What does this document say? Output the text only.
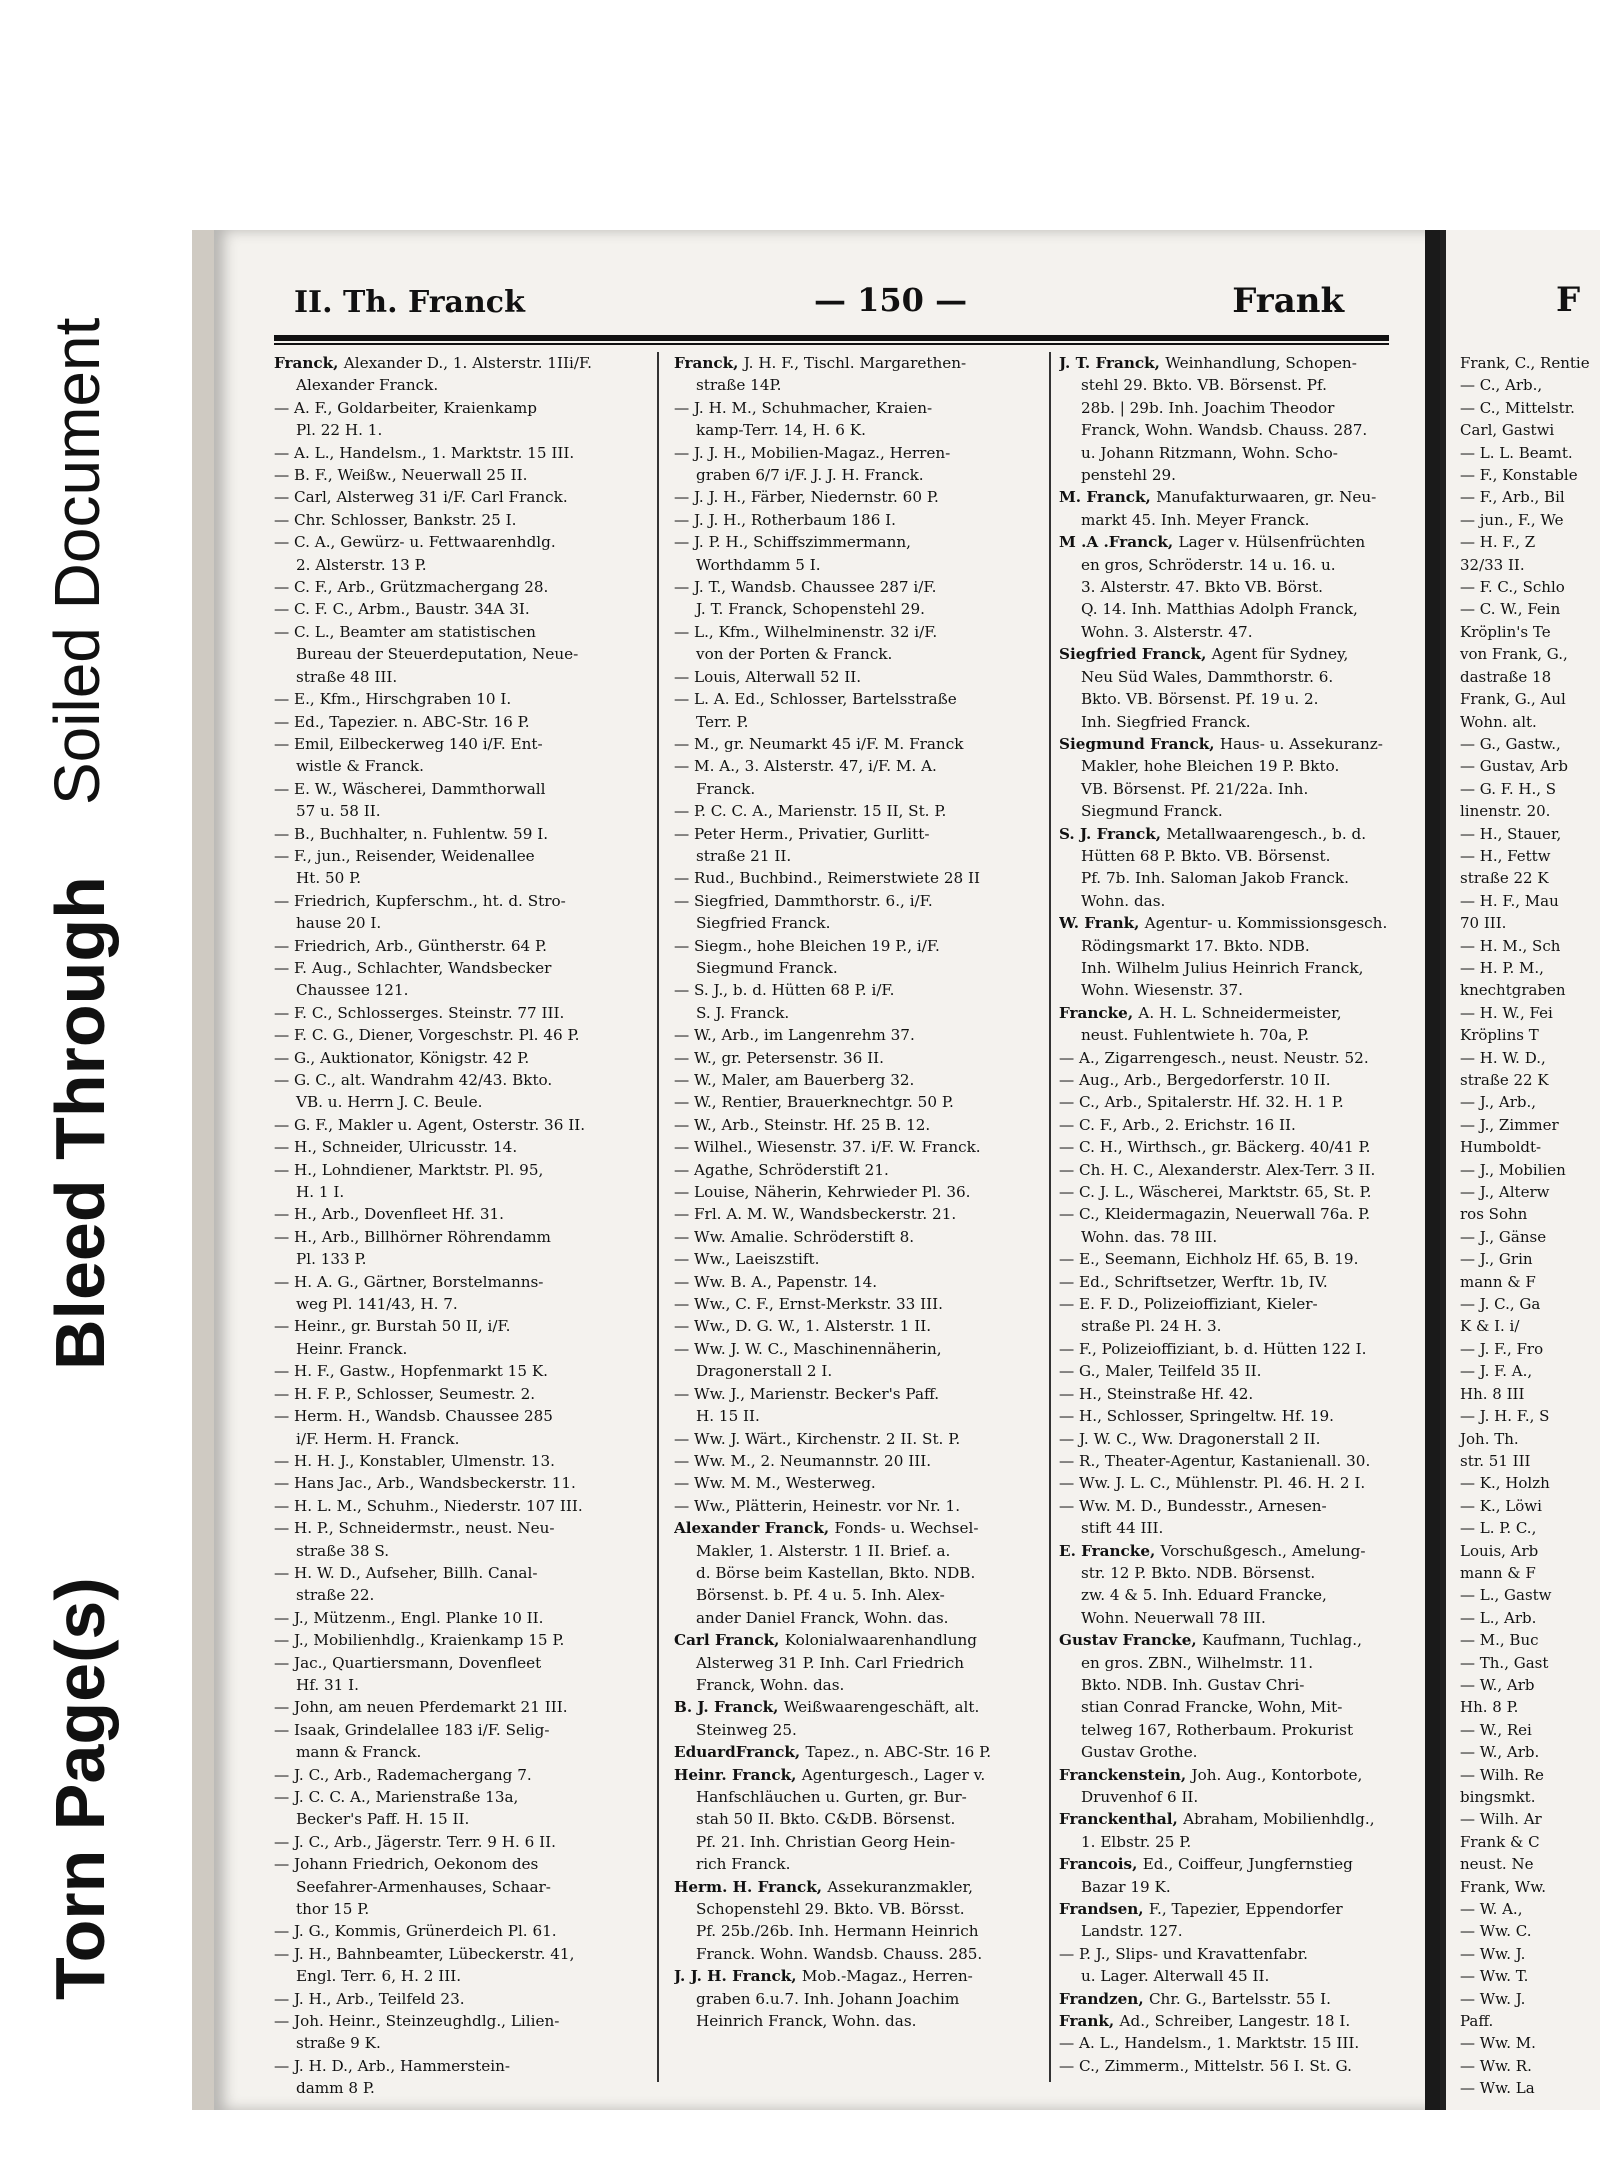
Torn Page(s)
Bleed Through
Soiled Document
II. Th. Franck	— 150 —	Frank
Franck, Alexander D., 1. Alsterstr. 1IIi/F.
Alexander Franck.
— A. F., Goldarbeiter, Kraienkamp
Pl. 22 H. 1.
— A. L., Handelsm., 1. Marktstr. 15 III.
— B. F., Weißw., Neuerwall 25 II.
— Carl, Alsterweg 31 i/F. Carl Franck.
— Chr. Schlosser, Bankstr. 25 I.
— C. A., Gewürz- u. Fettwaarenhdlg.
2. Alsterstr. 13 P.
— C. F., Arb., Grützmachergang 28.
— C. F. C., Arbm., Baustr. 34A 3I.
— C. L., Beamter am statistischen
Bureau der Steuerdeputation, Neue-
straße 48 III.
— E., Kfm., Hirschgraben 10 I.
— Ed., Tapezier. n. ABC-Str. 16 P.
— Emil, Eilbeckerweg 140 i/F. Ent-
wistle & Franck.
— E. W., Wäscherei, Dammthorwall
57 u. 58 II.
— B., Buchhalter, n. Fuhlentw. 59 I.
— F., jun., Reisender, Weidenallee
Ht. 50 P.
— Friedrich, Kupferschm., ht. d. Stro-
hause 20 I.
— Friedrich, Arb., Güntherstr. 64 P.
— F. Aug., Schlachter, Wandsbecker
Chaussee 121.
— F. C., Schlosserges. Steinstr. 77 III.
— F. C. G., Diener, Vorgeschstr. Pl. 46 P.
— G., Auktionator, Königstr. 42 P.
— G. C., alt. Wandrahm 42/43. Bkto.
VB. u. Herrn J. C. Beule.
— G. F., Makler u. Agent, Osterstr. 36 II.
— H., Schneider, Ulricusstr. 14.
— H., Lohndiener, Marktstr. Pl. 95,
H. 1 I.
— H., Arb., Dovenfleet Hf. 31.
— H., Arb., Billhörner Röhrendamm
Pl. 133 P.
— H. A. G., Gärtner, Borstelmanns-
weg Pl. 141/43, H. 7.
— Heinr., gr. Burstah 50 II, i/F.
Heinr. Franck.
— H. F., Gastw., Hopfenmarkt 15 K.
— H. F. P., Schlosser, Seumestr. 2.
— Herm. H., Wandsb. Chaussee 285
i/F. Herm. H. Franck.
— H. H. J., Konstabler, Ulmenstr. 13.
— Hans Jac., Arb., Wandsbeckerstr. 11.
— H. L. M., Schuhm., Niederstr. 107 III.
— H. P., Schneidermstr., neust. Neu-
straße 38 S.
— H. W. D., Aufseher, Billh. Canal-
straße 22.
— J., Mützenm., Engl. Planke 10 II.
— J., Mobilienhdlg., Kraienkamp 15 P.
— Jac., Quartiersmann, Dovenfleet
Hf. 31 I.
— John, am neuen Pferdemarkt 21 III.
— Isaak, Grindelallee 183 i/F. Selig-
mann & Franck.
— J. C., Arb., Rademachergang 7.
— J. C. C. A., Marienstraße 13a,
Becker's Paff. H. 15 II.
— J. C., Arb., Jägerstr. Terr. 9 H. 6 II.
— Johann Friedrich, Oekonom des
Seefahrer-Armenhauses, Schaar-
thor 15 P.
— J. G., Kommis, Grünerdeich Pl. 61.
— J. H., Bahnbeamter, Lübeckerstr. 41,
Engl. Terr. 6, H. 2 III.
— J. H., Arb., Teilfeld 23.
— Joh. Heinr., Steinzeughdlg., Lilien-
straße 9 K.
— J. H. D., Arb., Hammerstein-
damm 8 P.
Franck, J. H. F., Tischl. Margarethen-
straße 14P.
— J. H. M., Schuhmacher, Kraien-
kamp-Terr. 14, H. 6 K.
— J. J. H., Mobilien-Magaz., Herren-
graben 6/7 i/F. J. J. H. Franck.
— J. J. H., Färber, Niedernstr. 60 P.
— J. J. H., Rotherbaum 186 I.
— J. P. H., Schiffszimmermann,
Worthdamm 5 I.
— J. T., Wandsb. Chaussee 287 i/F.
J. T. Franck, Schopenstehl 29.
— L., Kfm., Wilhelminenstr. 32 i/F.
von der Porten & Franck.
— Louis, Alterwall 52 II.
— L. A. Ed., Schlosser, Bartelsstraße
Terr. P.
— M., gr. Neumarkt 45 i/F. M. Franck
— M. A., 3. Alsterstr. 47, i/F. M. A.
Franck.
— P. C. C. A., Marienstr. 15 II, St. P.
— Peter Herm., Privatier, Gurlitt-
straße 21 II.
— Rud., Buchbind., Reimerstwiete 28 II
— Siegfried, Dammthorstr. 6., i/F.
Siegfried Franck.
— Siegm., hohe Bleichen 19 P., i/F.
Siegmund Franck.
— S. J., b. d. Hütten 68 P. i/F.
S. J. Franck.
— W., Arb., im Langenrehm 37.
— W., gr. Petersenstr. 36 II.
— W., Maler, am Bauerberg 32.
— W., Rentier, Brauerknechtgr. 50 P.
— W., Arb., Steinstr. Hf. 25 B. 12.
— Wilhel., Wiesenstr. 37. i/F. W. Franck.
— Agathe, Schröderstift 21.
— Louise, Näherin, Kehrwieder Pl. 36.
— Frl. A. M. W., Wandsbeckerstr. 21.
— Ww. Amalie. Schröderstift 8.
— Ww., Laeiszstift.
— Ww. B. A., Papenstr. 14.
— Ww., C. F., Ernst-Merkstr. 33 III.
— Ww., D. G. W., 1. Alsterstr. 1 II.
— Ww. J. W. C., Maschinennäherin,
Dragonerstall 2 I.
— Ww. J., Marienstr. Becker's Paff.
H. 15 II.
— Ww. J. Wärt., Kirchenstr. 2 II. St. P.
— Ww. M., 2. Neumannstr. 20 III.
— Ww. M. M., Westerweg.
— Ww., Plätterin, Heinestr. vor Nr. 1.
Alexander Franck, Fonds- u. Wechsel-
Makler, 1. Alsterstr. 1 II. Brief. a.
d. Börse beim Kastellan, Bkto. NDB.
Börsenst. b. Pf. 4 u. 5. Inh. Alex-
ander Daniel Franck, Wohn. das.
Carl Franck, Kolonialwaarenhandlung
Alsterweg 31 P. Inh. Carl Friedrich
Franck, Wohn. das.
B. J. Franck, Weißwaarengeschäft, alt.
Steinweg 25.
EduardFranck, Tapez., n. ABC-Str. 16 P.
Heinr. Franck, Agenturgesch., Lager v.
Hanfschläuchen u. Gurten, gr. Bur-
stah 50 II. Bkto. C&DB. Börsenst.
Pf. 21. Inh. Christian Georg Hein-
rich Franck.
Herm. H. Franck, Assekuranzmakler,
Schopenstehl 29. Bkto. VB. Börsst.
Pf. 25b./26b. Inh. Hermann Heinrich
Franck. Wohn. Wandsb. Chauss. 285.
J. J. H. Franck, Mob.-Magaz., Herren-
graben 6.u.7. Inh. Johann Joachim
Heinrich Franck, Wohn. das.
J. T. Franck, Weinhandlung, Schopen-
stehl 29. Bkto. VB. Börsenst. Pf.
28b. | 29b. Inh. Joachim Theodor
Franck, Wohn. Wandsb. Chauss. 287.
u. Johann Ritzmann, Wohn. Scho-
penstehl 29.
M. Franck, Manufakturwaaren, gr. Neu-
markt 45. Inh. Meyer Franck.
M .A .Franck, Lager v. Hülsenfrüchten
en gros, Schröderstr. 14 u. 16. u.
3. Alsterstr. 47. Bkto VB. Börst.
Q. 14. Inh. Matthias Adolph Franck,
Wohn. 3. Alsterstr. 47.
Siegfried Franck, Agent für Sydney,
Neu Süd Wales, Dammthorstr. 6.
Bkto. VB. Börsenst. Pf. 19 u. 2.
Inh. Siegfried Franck.
Siegmund Franck, Haus- u. Assekuranz-
Makler, hohe Bleichen 19 P. Bkto.
VB. Börsenst. Pf. 21/22a. Inh.
Siegmund Franck.
S. J. Franck, Metallwaarengesch., b. d.
Hütten 68 P. Bkto. VB. Börsenst.
Pf. 7b. Inh. Saloman Jakob Franck.
Wohn. das.
W. Frank, Agentur- u. Kommissionsgesch.
Rödingsmarkt 17. Bkto. NDB.
Inh. Wilhelm Julius Heinrich Franck,
Wohn. Wiesenstr. 37.
Francke, A. H. L. Schneidermeister,
neust. Fuhlentwiete h. 70a, P.
— A., Zigarrengesch., neust. Neustr. 52.
— Aug., Arb., Bergedorferstr. 10 II.
— C., Arb., Spitalerstr. Hf. 32. H. 1 P.
— C. F., Arb., 2. Erichstr. 16 II.
— C. H., Wirthsch., gr. Bäckerg. 40/41 P.
— Ch. H. C., Alexanderstr. Alex-Terr. 3 II.
— C. J. L., Wäscherei, Marktstr. 65, St. P.
— C., Kleidermagazin, Neuerwall 76a. P.
Wohn. das. 78 III.
— E., Seemann, Eichholz Hf. 65, B. 19.
— Ed., Schriftsetzer, Werftr. 1b, IV.
— E. F. D., Polizeioffiziant, Kieler-
straße Pl. 24 H. 3.
— F., Polizeioffiziant, b. d. Hütten 122 I.
— G., Maler, Teilfeld 35 II.
— H., Steinstraße Hf. 42.
— H., Schlosser, Springeltw. Hf. 19.
— J. W. C., Ww. Dragonerstall 2 II.
— R., Theater-Agentur, Kastanienall. 30.
— Ww. J. L. C., Mühlenstr. Pl. 46. H. 2 I.
— Ww. M. D., Bundesstr., Arnesen-
stift 44 III.
E. Francke, Vorschußgesch., Amelung-
str. 12 P. Bkto. NDB. Börsenst.
zw. 4 & 5. Inh. Eduard Francke,
Wohn. Neuerwall 78 III.
Gustav Francke, Kaufmann, Tuchlag.,
en gros. ZBN., Wilhelmstr. 11.
Bkto. NDB. Inh. Gustav Chri-
stian Conrad Francke, Wohn, Mit-
telweg 167, Rotherbaum. Prokurist
Gustav Grothe.
Franckenstein, Joh. Aug., Kontorbote,
Druvenhof 6 II.
Franckenthal, Abraham, Mobilienhdlg.,
1. Elbstr. 25 P.
Francois, Ed., Coiffeur, Jungfernstieg
Bazar 19 K.
Frandsen, F., Tapezier, Eppendorfer
Landstr. 127.
— P. J., Slips- und Kravattenfabr.
u. Lager. Alterwall 45 II.
Frandzen, Chr. G., Bartelsstr. 55 I.
Frank, Ad., Schreiber, Langestr. 18 I.
— A. L., Handelsm., 1. Marktstr. 15 III.
— C., Zimmerm., Mittelstr. 56 I. St. G.
F
Frank, C., Rentie
— C., Arb.,
— C., Mittelstr.
Carl, Gastwi
— L. L. Beamt.
— F., Konstable
— F., Arb., Bil
— jun., F., We
— H. F., Z
32/33 II.
— F. C., Schlo
— C. W., Fein
Kröplin's Te
von Frank, G.,
dastraße 18
Frank, G., Aul
Wohn. alt.
— G., Gastw.,
— Gustav, Arb
— G. F. H., S
linenstr. 20.
— H., Stauer,
— H., Fettw
straße 22 K
— H. F., Mau
70 III.
— H. M., Sch
— H. P. M.,
knechtgraben
— H. W., Fei
Kröplins T
— H. W. D.,
straße 22 K
— J., Arb.,
— J., Zimmer
Humboldt-
— J., Mobilien
— J., Alterw
ros Sohn
— J., Gänse
— J., Grin
mann & F
— J. C., Ga
K & I. i/
— J. F., Fro
— J. F. A.,
Hh. 8 III
— J. H. F., S
Joh. Th.
str. 51 III
— K., Holzh
— K., Löwi
— L. P. C.,
Louis, Arb
mann & F
— L., Gastw
— L., Arb.
— M., Buc
— Th., Gast
— W., Arb
Hh. 8 P.
— W., Rei
— W., Arb.
— Wilh. Re
bingsmkt.
— Wilh. Ar
Frank & C
neust. Ne
Frank, Ww.
— W. A.,
— Ww. C.
— Ww. J.
— Ww. T.
— Ww. J.
Paff.
— Ww. M.
— Ww. R.
— Ww. La
